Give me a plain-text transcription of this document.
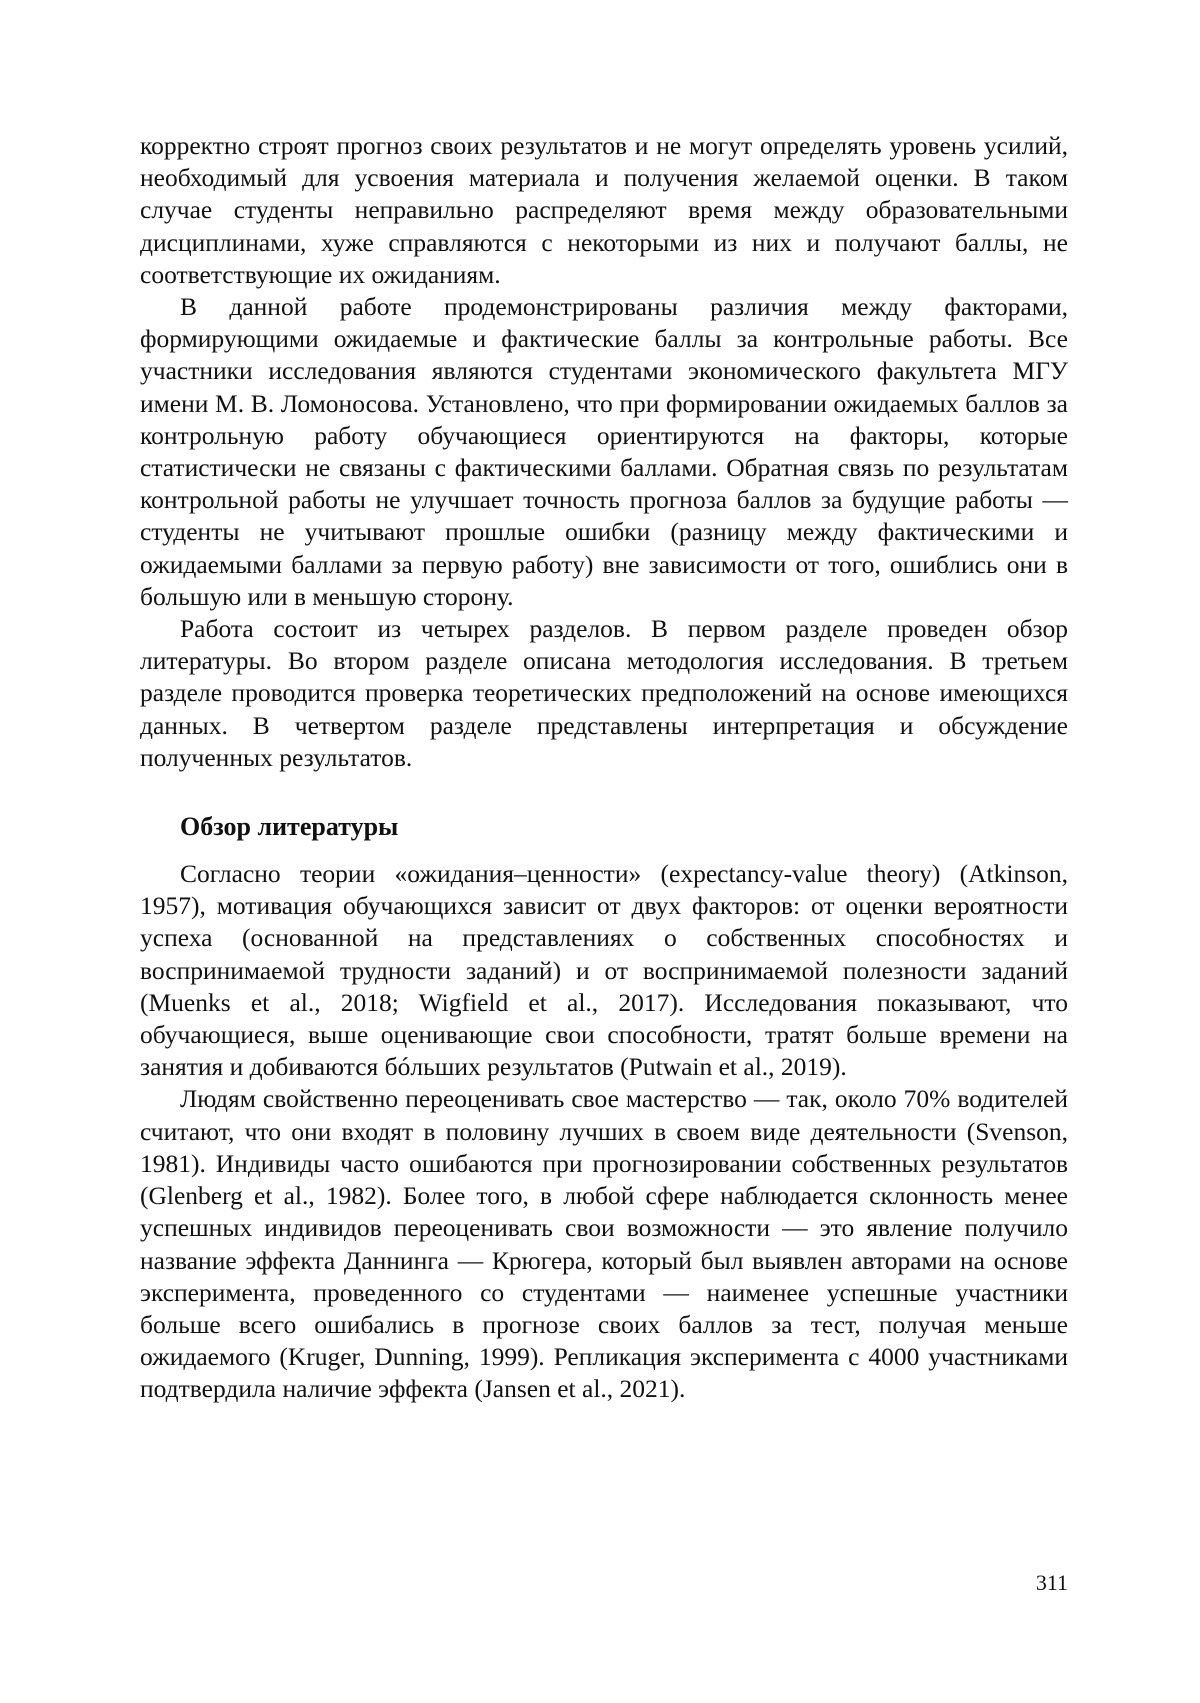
корректно строят прогноз своих результатов и не могут определять уровень усилий, необходимый для усвоения материала и получения желаемой оценки. В таком случае студенты неправильно распределяют время между образовательными дисциплинами, хуже справляются с некоторыми из них и получают баллы, не соответствующие их ожиданиям.

В данной работе продемонстрированы различия между факторами, формирующими ожидаемые и фактические баллы за контрольные работы. Все участники исследования являются студентами экономического факультета МГУ имени М. В. Ломоносова. Установлено, что при формировании ожидаемых баллов за контрольную работу обучающиеся ориентируются на факторы, которые статистически не связаны с фактическими баллами. Обратная связь по результатам контрольной работы не улучшает точность прогноза баллов за будущие работы — студенты не учитывают прошлые ошибки (разницу между фактическими и ожидаемыми баллами за первую работу) вне зависимости от того, ошиблись они в большую или в меньшую сторону.

Работа состоит из четырех разделов. В первом разделе проведен обзор литературы. Во втором разделе описана методология исследования. В третьем разделе проводится проверка теоретических предположений на основе имеющихся данных. В четвертом разделе представлены интерпретация и обсуждение полученных результатов.

Обзор литературы

Согласно теории «ожидания–ценности» (expectancy-value theory) (Atkinson, 1957), мотивация обучающихся зависит от двух факторов: от оценки вероятности успеха (основанной на представлениях о собственных способностях и воспринимаемой трудности заданий) и от воспринимаемой полезности заданий (Muenks et al., 2018; Wigfield et al., 2017). Исследования показывают, что обучающиеся, выше оценивающие свои способности, тратят больше времени на занятия и добиваются бóльших результатов (Putwain et al., 2019).

Людям свойственно переоценивать свое мастерство — так, около 70% водителей считают, что они входят в половину лучших в своем виде деятельности (Svenson, 1981). Индивиды часто ошибаются при прогнозировании собственных результатов (Glenberg et al., 1982). Более того, в любой сфере наблюдается склонность менее успешных индивидов переоценивать свои возможности — это явление получило название эффекта Даннинга — Крюгера, который был выявлен авторами на основе эксперимента, проведенного со студентами — наименее успешные участники больше всего ошибались в прогнозе своих баллов за тест, получая меньше ожидаемого (Kruger, Dunning, 1999). Репликация эксперимента с 4000 участниками подтвердила наличие эффекта (Jansen et al., 2021).

311
